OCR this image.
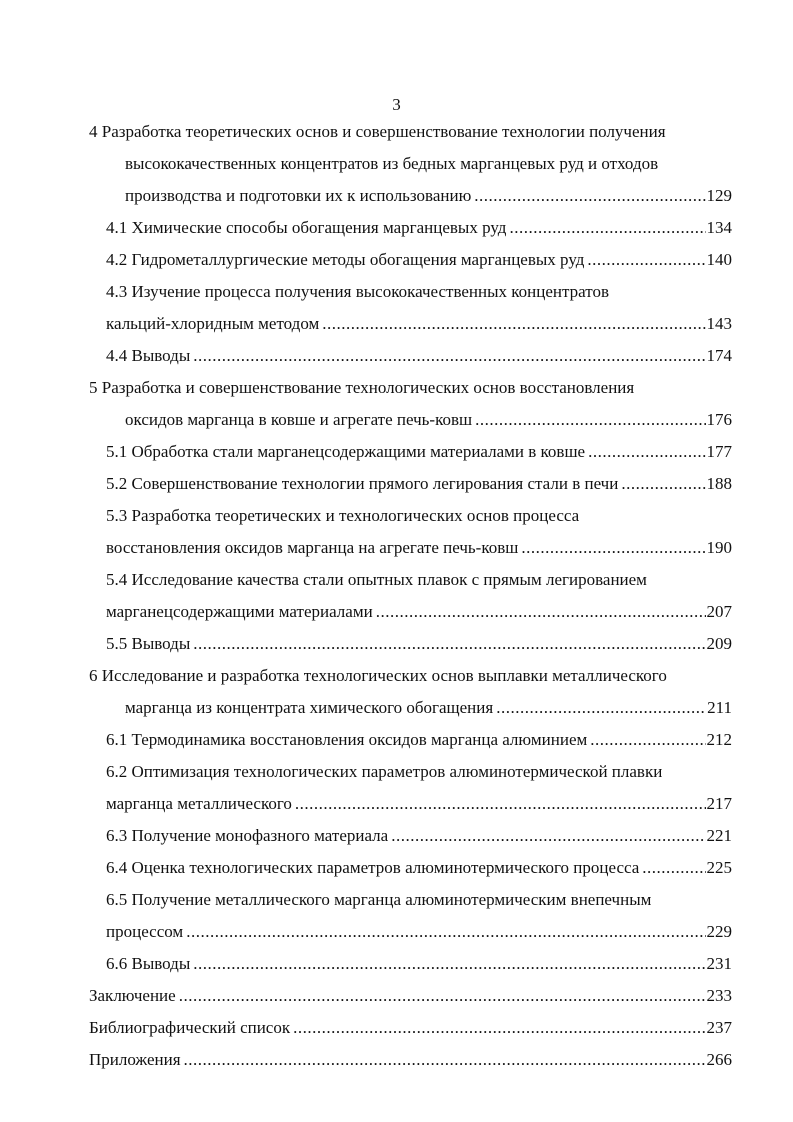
3
4 Разработка теоретических основ и совершенствование технологии получения
высококачественных концентратов из бедных марганцевых руд и отходов
производства и подготовки их к использованию .....	129
4.1 Химические способы обогащения марганцевых руд .....	134
4.2 Гидрометаллургические методы обогащения марганцевых руд .....	140
4.3 Изучение процесса получения высококачественных концентратов
кальций-хлоридным методом .....	143
4.4 Выводы .....	174
5 Разработка и совершенствование технологических основ восстановления
оксидов марганца в ковше и агрегате печь-ковш .....	176
5.1 Обработка стали марганецсодержащими материалами в ковше .....	177
5.2 Совершенствование технологии прямого легирования стали в печи .....	188
5.3 Разработка теоретических и технологических основ процесса
восстановления оксидов марганца на агрегате печь-ковш .....	190
5.4 Исследование качества стали опытных плавок с прямым легированием
марганецсодержащими материалами .....	207
5.5 Выводы .....	209
6 Исследование и разработка технологических основ выплавки металлического
марганца из концентрата химического обогащения .....	211
6.1 Термодинамика восстановления оксидов марганца алюминием .....	212
6.2 Оптимизация технологических параметров алюминотермической плавки
марганца металлического .....	217
6.3 Получение монофазного материала .....	221
6.4 Оценка технологических параметров алюминотермического процесса .....	225
6.5 Получение металлического марганца алюминотермическим внепечным
процессом .....	229
6.6 Выводы .....	231
Заключение .....	233
Библиографический список .....	237
Приложения .....	266
